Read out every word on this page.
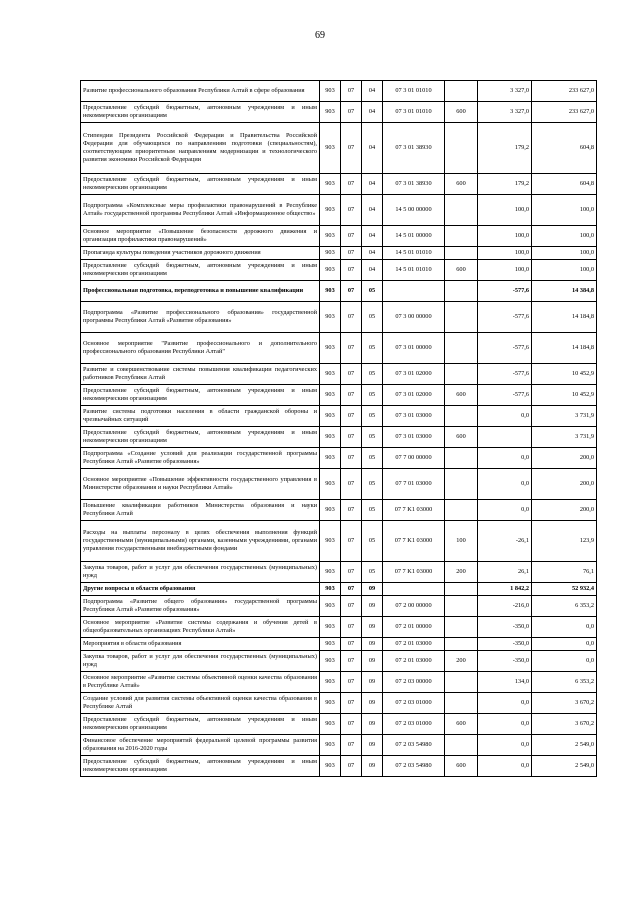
69
Развитие профессионального образования Республики Алтай в сфере образования	903	07	04	07 3 01 01010		3 327,0	233 627,0
Предоставление субсидий бюджетным, автономным учреждениям и иным некоммерческим организациям	903	07	04	07 3 01 01010	600	3 327,0	233 627,0
Стипендии Президента Российской Федерации и Правительства Российской Федерации для обучающихся по направлениям подготовки (специальностям), соответствующим приоритетным направлениям модернизации и технологического развития экономики Российской Федерации	903	07	04	07 3 01 38930		179,2	604,8
Предоставление субсидий бюджетным, автономным учреждениям и иным некоммерческим организациям	903	07	04	07 3 01 38930	600	179,2	604,8
Подпрограмма «Комплексные меры профилактики правонарушений в Республике Алтай» государственной программы Республики Алтай «Информационное общество»	903	07	04	14 5 00 00000		100,0	100,0
Основное мероприятие «Повышение безопасности дорожного движения и организация профилактики правонарушений»	903	07	04	14 5 01 00000		100,0	100,0
Пропаганда культуры поведения участников дорожного движения	903	07	04	14 5 01 01010		100,0	100,0
Предоставление субсидий бюджетным, автономным учреждениям и иным некоммерческим организациям	903	07	04	14 5 01 01010	600	100,0	100,0
Профессиональная подготовка, переподготовка и повышение квалификации	903	07	05			-577,6	14 384,8
Подпрограмма «Развитие профессионального образования» государственной программы Республики Алтай «Развитие образования»	903	07	05	07 3 00 00000		-577,6	14 184,8
Основное мероприятие "Развитие профессионального и дополнительного профессионального образования Республики Алтай"	903	07	05	07 3 01 00000		-577,6	14 184,8
Развитие и совершенствование системы повышения квалификации педагогических работников Республики Алтай	903	07	05	07 3 01 02000		-577,6	10 452,9
Предоставление субсидий бюджетным, автономным учреждениям и иным некоммерческим организациям	903	07	05	07 3 01 02000	600	-577,6	10 452,9
Развитие системы подготовки населения в области гражданской обороны и чрезвычайных ситуаций	903	07	05	07 3 01 03000		0,0	3 731,9
Предоставление субсидий бюджетным, автономным учреждениям и иным некоммерческим организациям	903	07	05	07 3 01 03000	600		3 731,9
Подпрограмма «Создание условий для реализации государственной программы Республики Алтай «Развитие образования»	903	07	05	07 7 00 00000		0,0	200,0
Основное мероприятие «Повышение эффективности государственного управления в Министерстве образования и науки Республики Алтай»	903	07	05	07 7 01 03000		0,0	200,0
Повышение квалификации работников Министерства образования и науки Республики Алтай	903	07	05	07 7 K1 03000		0,0	200,0
Расходы на выплаты персоналу в целях обеспечения выполнения функций государственными (муниципальными) органами, казенными учреждениями, органами управления государственными внебюджетными фондами	903	07	05	07 7 K1 03000	100	-26,1	123,9
Закупка товаров, работ и услуг для обеспечения государственных (муниципальных) нужд	903	07	05	07 7 K1 03000	200	26,1	76,1
Другие вопросы в области образования	903	07	09			1 842,2	52 932,4
Подпрограмма «Развитие общего образования» государственной программы Республики Алтай «Развитие образования»	903	07	09	07 2 00 00000		-216,0	6 353,2
Основное мероприятие «Развитие системы содержания и обучения детей в общеобразовательных организациях Республики Алтай»	903	07	09	07 2 01 00000		-350,0	0,0
Мероприятия в области образования	903	07	09	07 2 01 03000		-350,0	0,0
Закупка товаров, работ и услуг для обеспечения государственных (муниципальных) нужд	903	07	09	07 2 01 03000	200	-350,0	0,0
Основное мероприятие «Развитие системы объективной оценки качества образования в Республике Алтай»	903	07	09	07 2 03 00000		134,0	6 353,2
Создание условий для развития системы объективной оценки качества образования в Республике Алтай	903	07	09	07 2 03 01000		0,0	3 670,2
Предоставление субсидий бюджетным, автономным учреждениям и иным некоммерческим организациям	903	07	09	07 2 03 01000	600	0,0	3 670,2
Финансовое обеспечение мероприятий федеральной целевой программы развития образования на 2016-2020 годы	903	07	09	07 2 03 54980		0,0	2 549,0
Предоставление субсидий бюджетным, автономным учреждениям и иным некоммерческим организациям	903	07	09	07 2 03 54980	600	0,0	2 549,0
